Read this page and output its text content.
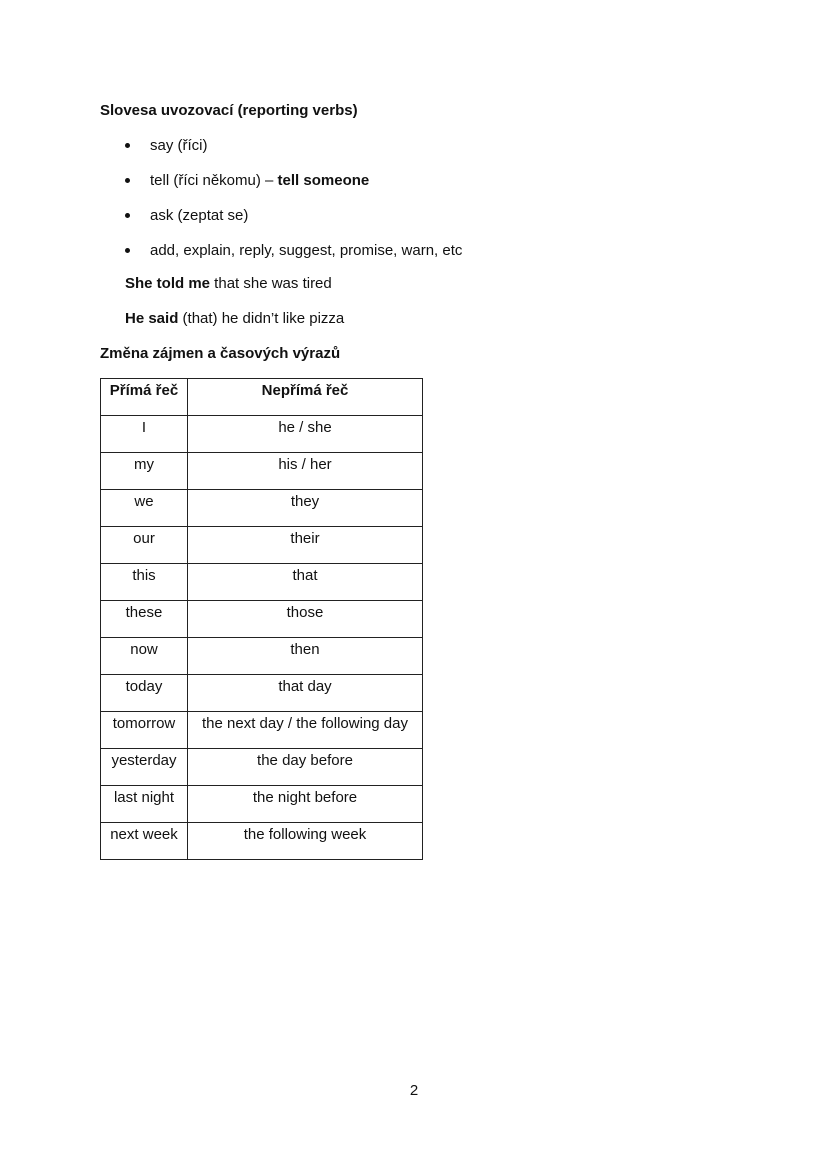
Slovesa uvozovací (reporting verbs)
say (říci)
tell (říci někomu) – tell someone
ask (zeptat se)
add, explain, reply, suggest, promise, warn, etc
She told me that she was tired
He said (that) he didn’t like pizza
Změna zájmen a časových výrazů
Přímá řeč	Nepřímá řeč
I	he / she
my	his / her
we	they
our	their
this	that
these	those
now	then
today	that day
tomorrow	the next day / the following day
yesterday	the day before
last night	the night before
next week	the following week
2
